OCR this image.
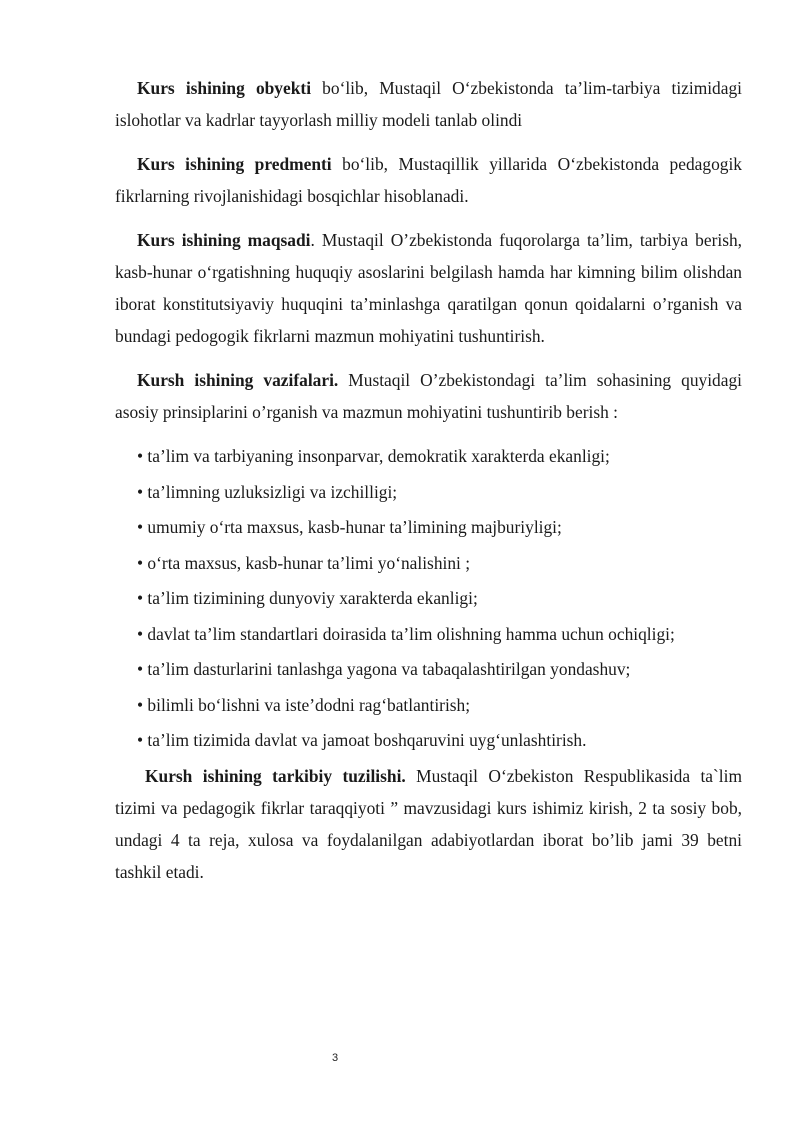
Kurs ishining obyekti bo‘lib, Mustaqil O‘zbekistonda ta’lim-tarbiya tizimidagi islohotlar va kadrlar tayyorlash milliy modeli tanlab olindi

Kurs ishining predmenti bo‘lib, Mustaqillik yillarida O‘zbekistonda pedagogik fikrlarning rivojlanishidagi bosqichlar hisoblanadi.

Kurs ishining maqsadi. Mustaqil O’zbekistonda fuqorolarga ta’lim, tarbiya berish, kasb-hunar o‘rgatishning huquqiy asoslarini belgilash hamda har kimning bilim olishdan iborat konstitutsiyaviy huquqini ta’minlashga qaratilgan qonun qoidalarni o’rganish va bundagi pedogogik fikrlarni mazmun mohiyatini tushuntirish.

Kursh ishining vazifalari. Mustaqil O’zbekistondagi ta’lim sohasining quyidagi asosiy prinsiplarini o’rganish va mazmun mohiyatini tushuntirib berish :

• ta’lim va tarbiyaning insonparvar, demokratik xarakterda ekanligi;
• ta’limning uzluksizligi va izchilligi;
• umumiy o‘rta maxsus, kasb-hunar ta’limining majburiyligi;
• o‘rta maxsus, kasb-hunar ta’limi yo‘nalishini ;
• ta’lim tizimining dunyoviy xarakterda ekanligi;
• davlat ta’lim standartlari doirasida ta’lim olishning hamma uchun ochiqligi;
• ta’lim dasturlarini tanlashga yagona va tabaqalashtirilgan yondashuv;
• bilimli bo‘lishni va iste’dodni rag‘batlantirish;
• ta’lim tizimida davlat va jamoat boshqaruvini uyg‘unlashtirish.

Kursh ishining tarkibiy tuzilishi. Mustaqil O‘zbekiston Respublikasida ta`lim tizimi va pedagogik fikrlar taraqqiyoti ” mavzusidagi kurs ishimiz kirish, 2 ta sosiy bob, undagi 4 ta reja, xulosa va foydalanilgan adabiyotlardan iborat bo’lib jami 39 betni tashkil etadi.

3
